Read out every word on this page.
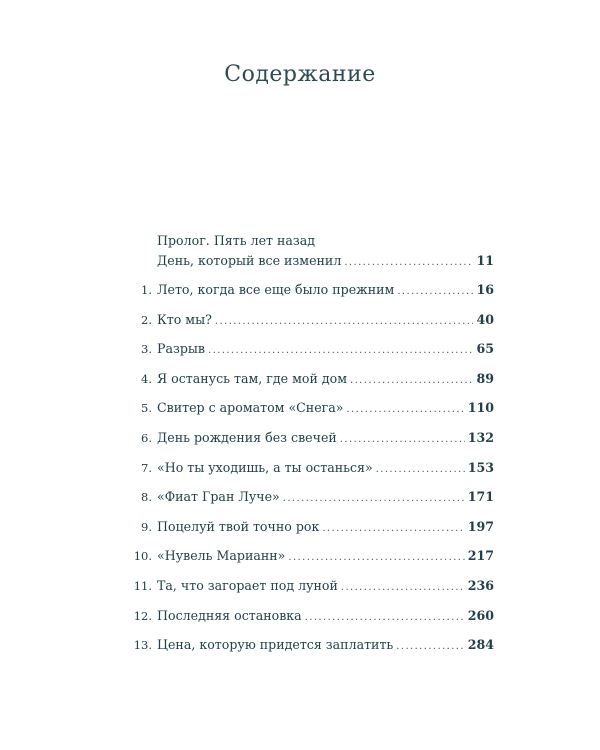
Содержание
Пролог. Пять лет назад
День, который все изменил .....	11
1. Лето, когда все еще было прежним .....	16
2. Кто мы? .....	40
3. Разрыв .....	65
4. Я останусь там, где мой дом .....	89
5. Свитер с ароматом «Снега» .....	110
6. День рождения без свечей .....	132
7. «Но ты уходишь, а ты останься» .....	153
8. «Фиат Гран Луче» .....	171
9. Поцелуй твой точно рок .....	197
10. «Нувель Марианн» .....	217
11. Та, что загорает под луной .....	236
12. Последняя остановка .....	260
13. Цена, которую придется заплатить .....	284
